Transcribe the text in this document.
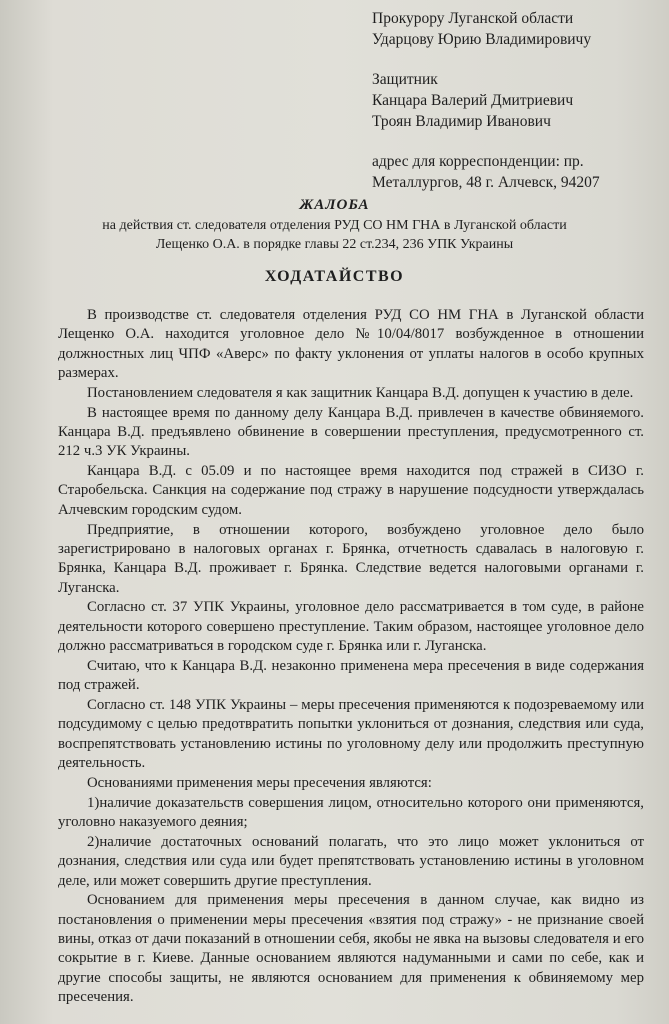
Прокурору Луганской области

Ударцову Юрию Владимировичу

Защитник

Канцара Валерий Дмитриевич

Троян Владимир Иванович

адрес для корреспонденции: пр.

Металлургов, 48 г. Алчевск, 94207

ЖАЛОБА
на действия ст. следователя отделения РУД СО НМ ГНА в Луганской области
Лещенко О.А. в порядке главы 22 ст.234, 236 УПК Украины
ХОДАТАЙСТВО

В производстве ст. следователя отделения РУД СО НМ ГНА в Луганской области Лещенко О.А. находится уголовное дело №10/04/8017 возбужденное в отношении должностных лиц ЧПФ «Аверс» по факту уклонения от уплаты налогов в особо крупных размерах.

Постановлением следователя я как защитник Канцара В.Д. допущен к участию в деле.

В настоящее время по данному делу Канцара В.Д. привлечен в качестве обвиняемого. Канцара В.Д. предъявлено обвинение в совершении преступления, предусмотренного ст. 212 ч.3 УК Украины.

Канцара В.Д. с 05.09 и по настоящее время находится под стражей в СИЗО г. Старобельска. Санкция на содержание под стражу в нарушение подсудности утверждалась Алчевским городским судом.

Предприятие, в отношении которого, возбуждено уголовное дело было зарегистрировано в налоговых органах г. Брянка, отчетность сдавалась в налоговую г. Брянка, Канцара В.Д. проживает г. Брянка. Следствие ведется налоговыми органами г. Луганска.

Согласно ст. 37 УПК Украины, уголовное дело рассматривается в том суде, в районе деятельности которого совершено преступление. Таким образом, настоящее уголовное дело должно рассматриваться в городском суде г. Брянка или г. Луганска.

Считаю, что к Канцара В.Д. незаконно применена мера пресечения в виде содержания под стражей.

Согласно ст. 148 УПК Украины – меры пресечения применяются к подозреваемому или подсудимому с целью предотвратить попытки уклониться от дознания, следствия или суда, воспрепятствовать установлению истины по уголовному делу или продолжить преступную деятельность.

Основаниями применения меры пресечения являются:

1)наличие доказательств совершения лицом, относительно которого они применяются, уголовно наказуемого деяния;

2)наличие достаточных оснований полагать, что это лицо может уклониться от дознания, следствия или суда или будет препятствовать установлению истины в уголовном деле, или может совершить другие преступления.

Основанием для применения меры пресечения в данном случае, как видно из постановления о применении меры пресечения «взятия под стражу» - не признание своей вины, отказ от дачи показаний в отношении себя, якобы не явка на вызовы следователя и его сокрытие в г. Киеве. Данные основанием являются надуманными и сами по себе, как и другие способы защиты, не являются основанием для применения к обвиняемому мер пресечения.
